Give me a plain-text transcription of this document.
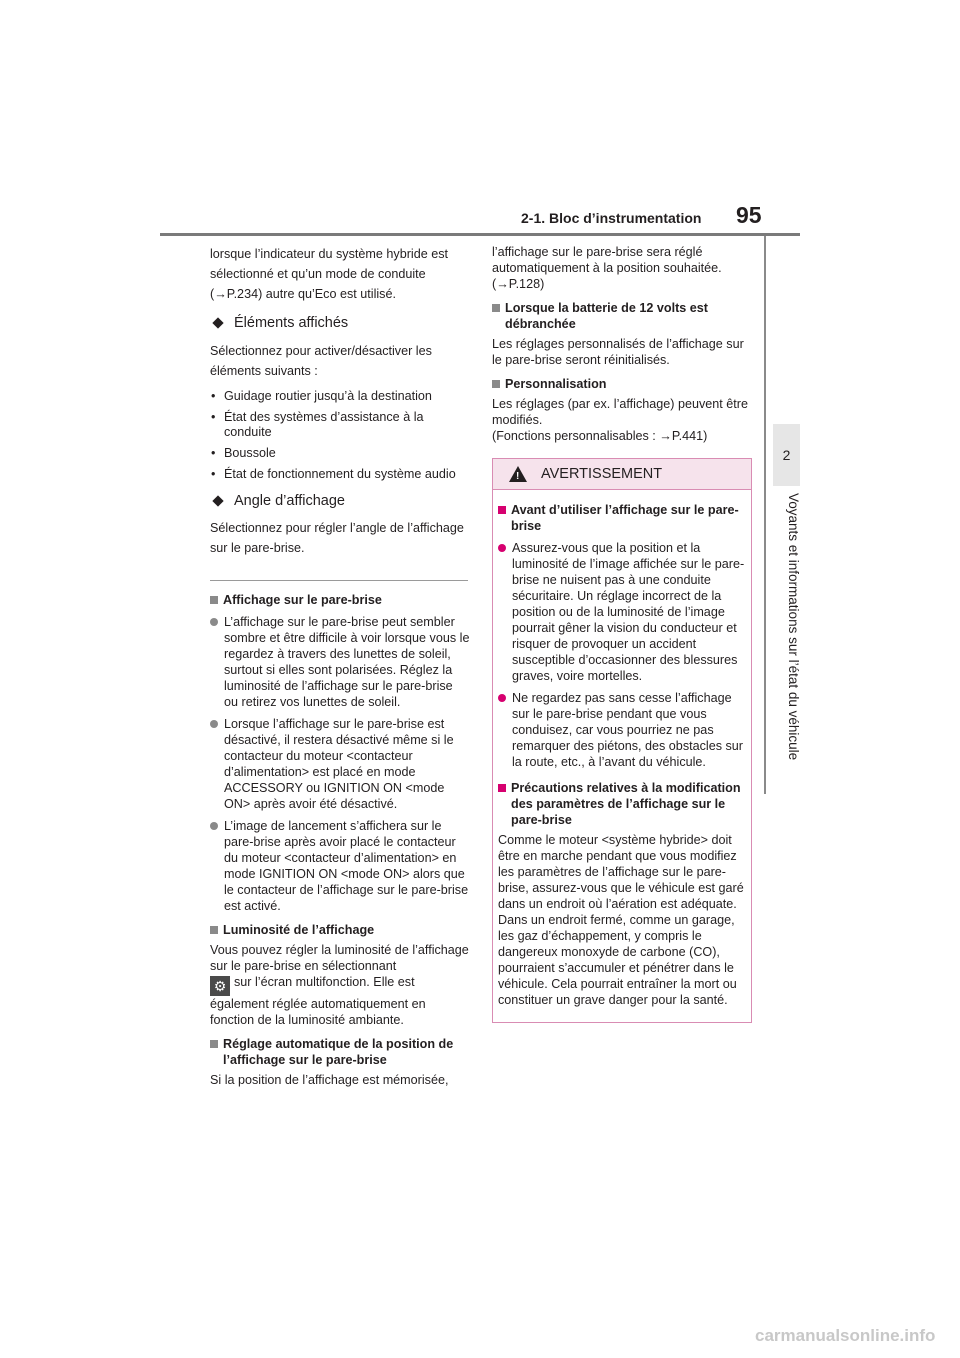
2-1. Bloc d’instrumentation 95
2
Voyants et informations sur l’état du véhicule

lorsque l’indicateur du système hybride est

sélectionné et qu’un mode de conduite

(→P.234) autre qu’Eco est utilisé.

Éléments affichés

Sélectionnez pour activer/désactiver les éléments suivants :

• Guidage routier jusqu’à la destination
• État des systèmes d’assistance à la conduite
• Boussole
• État de fonctionnement du système audio
Angle d’affichage

Sélectionnez pour régler l’angle de l’affichage sur le pare-brise.

Affichage sur le pare-brise
L’affichage sur le pare-brise peut sembler sombre et être difficile à voir lorsque vous le regardez à travers des lunettes de soleil, surtout si elles sont polarisées. Réglez la luminosité de l’affichage sur le pare-brise ou retirez vos lunettes de soleil.
Lorsque l’affichage sur le pare-brise est désactivé, il restera désactivé même si le contacteur du moteur <contacteur d’alimentation> est placé en mode ACCESSORY ou IGNITION ON <mode ON> après avoir été désactivé.
L’image de lancement s’affichera sur le pare-brise après avoir placé le contacteur du moteur <contacteur d’alimentation> en mode IGNITION ON <mode ON> alors que le contacteur de l’affichage sur le pare-brise est activé.
Luminosité de l’affichage

Vous pouvez régler la luminosité de l’affichage sur le pare-brise en sélectionnant
⚙ sur l’écran multifonction. Elle est également réglée automatiquement en fonction de la luminosité ambiante.

Réglage automatique de la position de l’affichage sur le pare-brise

Si la position de l’affichage est mémorisée,

l’affichage sur le pare-brise sera réglé automatiquement à la position souhaitée. (→P.128)

Lorsque la batterie de 12 volts est débranchée

Les réglages personnalisés de l’affichage sur le pare-brise seront réinitialisés.

Personnalisation

Les réglages (par ex. l’affichage) peuvent être modifiés.

(Fonctions personnalisables : →P.441)

!
AVERTISSEMENT
Avant d’utiliser l’affichage sur le pare-brise
Assurez-vous que la position et la luminosité de l’image affichée sur le pare-brise ne nuisent pas à une conduite sécuritaire. Un réglage incorrect de la position ou de la luminosité de l’image pourrait gêner la vision du conducteur et risquer de provoquer un accident susceptible d’occasionner des blessures graves, voire mortelles.
Ne regardez pas sans cesse l’affichage sur le pare-brise pendant que vous conduisez, car vous pourriez ne pas remarquer des piétons, des obstacles sur la route, etc., à l’avant du véhicule.
Précautions relatives à la modification des paramètres de l’affichage sur le pare-brise

Comme le moteur <système hybride> doit être en marche pendant que vous modifiez les paramètres de l’affichage sur le pare-brise, assurez-vous que le véhicule est garé dans un endroit où l’aération est adéquate. Dans un endroit fermé, comme un garage, les gaz d’échappement, y compris le dangereux monoxyde de carbone (CO), pourraient s’accumuler et pénétrer dans le véhicule. Cela pourrait entraîner la mort ou constituer un grave danger pour la santé.

carmanualsonline.info
